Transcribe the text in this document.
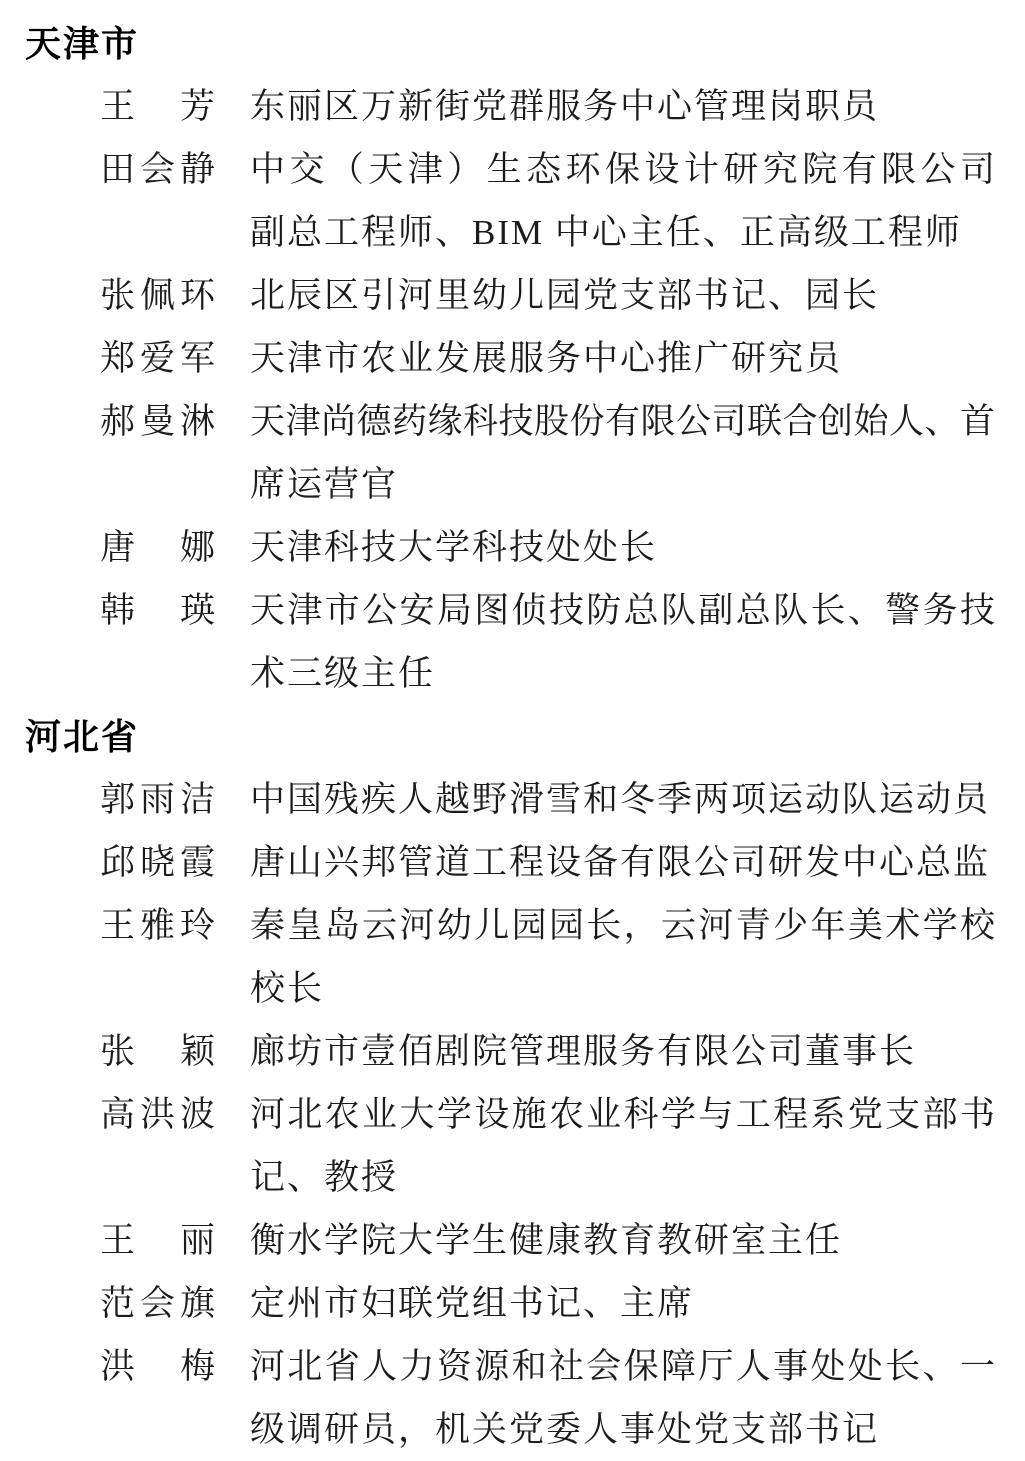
天津市
王 芳 东丽区万新街党群服务中心管理岗职员
田 会 静 中交（天津）生态环保设计研究院有限公司
副总工程师、BIM 中心主任、正高级工程师
张 佩 环 北辰区引河里幼儿园党支部书记、园长
郑 爱 军 天津市农业发展服务中心推广研究员
郝 曼 淋 天津尚德药缘科技股份有限公司联合创始人、首
席运营官
唐 娜 天津科技大学科技处处长
韩 瑛 天津市公安局图侦技防总队副总队长、警务技
术三级主任
河北省
郭 雨 洁 中国残疾人越野滑雪和冬季两项运动队运动员
邱 晓 霞 唐山兴邦管道工程设备有限公司研发中心总监
王 雅 玲 秦皇岛云河幼儿园园长，云河青少年美术学校
校长
张 颖 廊坊市壹佰剧院管理服务有限公司董事长
高 洪 波 河北农业大学设施农业科学与工程系党支部书
记、教授
王 丽 衡水学院大学生健康教育教研室主任
范 会 旗 定州市妇联党组书记、主席
洪 梅 河北省人力资源和社会保障厅人事处处长、一
级调研员，机关党委人事处党支部书记
